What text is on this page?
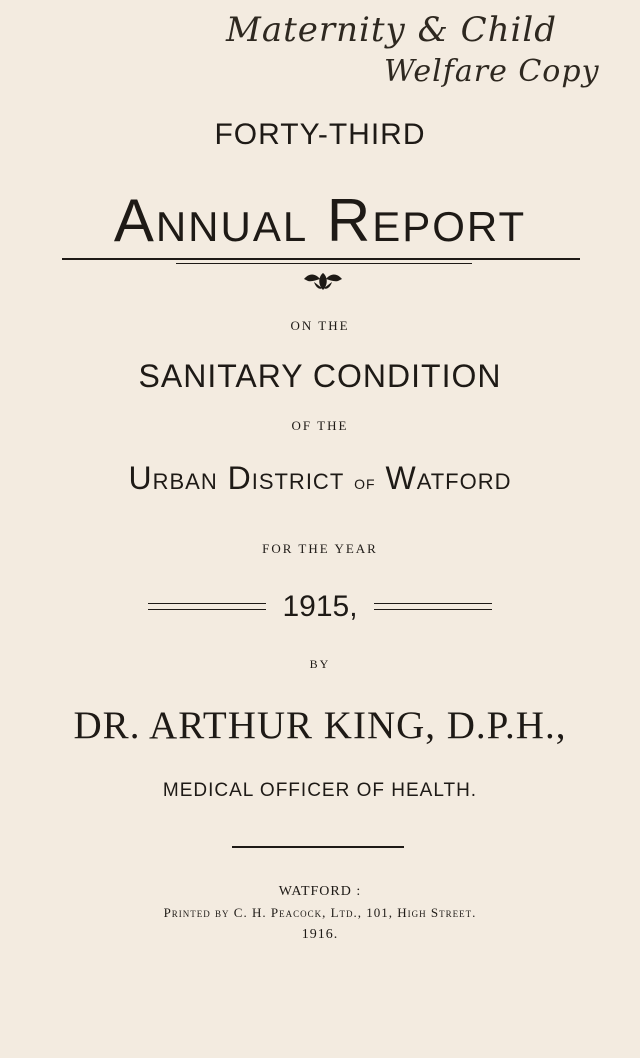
Maternity & Child
Welfare Copy
FORTY-THIRD
Annual Report
ON THE
SANITARY CONDITION
OF THE
Urban District of Watford
FOR THE YEAR
1915,
BY
DR. ARTHUR KING, D.P.H.,
MEDICAL OFFICER OF HEALTH.
WATFORD :
Printed by C. H. Peacock, Ltd., 101, High Street.
1916.
